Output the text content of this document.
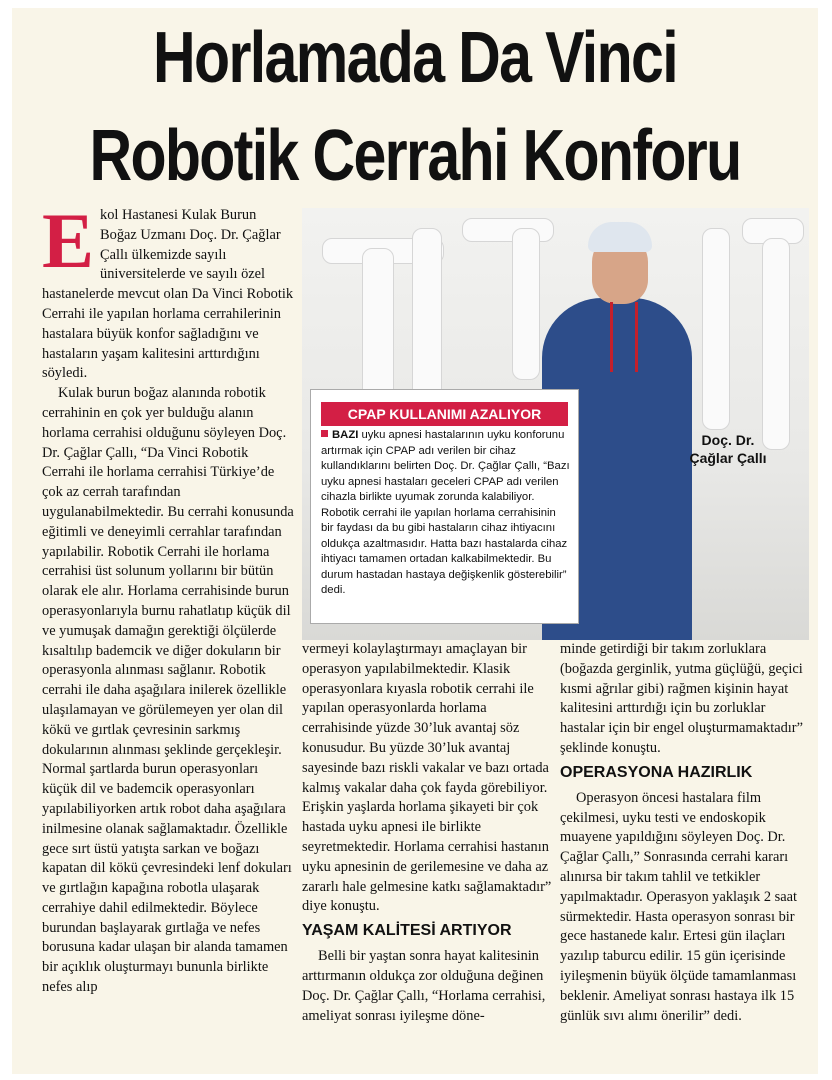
Horlamada Da Vinci
Robotik Cerrahi Konforu
E kol Hastanesi Kulak Burun Boğaz Uzmanı Doç. Dr. Çağlar Çallı ülkemizde sayılı üniversitelerde ve sayılı özel hastanelerde mevcut olan Da Vinci Robotik Cerrahi ile yapılan horlama cerrahilerinin hastalara büyük konfor sağladığını ve hastaların yaşam kalitesini arttırdığını söyledi.

Kulak burun boğaz alanında robotik cerrahinin en çok yer bulduğu alanın horlama cerrahisi olduğunu söyleyen Doç. Dr. Çağlar Çallı, “Da Vinci Robotik Cerrahi ile horlama cerrahisi Türkiye’de çok az cerrah tarafından uygulanabilmektedir. Bu cerrahi konusunda eğitimli ve deneyimli cerrahlar tarafından yapılabilir. Robotik Cerrahi ile horlama cerrahisi üst solunum yollarını bir bütün olarak ele alır. Horlama cerrahisinde burun operasyonlarıyla burnu rahatlatıp küçük dil ve yumuşak damağın gerektiği ölçülerde kısaltılıp bademcik ve diğer dokuların bir operasyonla alınması sağlanır. Robotik cerrahi ile daha aşağılara inilerek özellikle ulaşılamayan ve görülemeyen yer olan dil kökü ve gırtlak çevresinin sarkmış dokularının alınması şeklinde gerçekleşir. Normal şartlarda burun operasyonları küçük dil ve bademcik operasyonları yapılabiliyorken artık robot daha aşağılara inilmesine olanak sağlamaktadır. Özellikle gece sırt üstü yatışta sarkan ve boğazı kapatan dil kökü çevresindeki lenf dokuları ve gırtlağın kapağına robotla ulaşarak cerrahiye dahil edilmektedir. Böylece burundan başlayarak gırtlağa ve nefes borusuna kadar ulaşan bir alanda tamamen bir açıklık oluşturmayı bununla birlikte nefes alıp

Doç. Dr.
Çağlar Çallı
CPAP KULLANIMI AZALIYOR
BAZI uyku apnesi hastalarının uyku konforunu artırmak için CPAP adı verilen bir cihaz kullandıklarını belirten Doç. Dr. Çağlar Çallı, “Bazı uyku apnesi hastaları geceleri CPAP adı verilen cihazla birlikte uyumak zorunda kalabiliyor. Robotik cerrahi ile yapılan horlama cerrahisinin bir faydası da bu gibi hastaların cihaz ihtiyacını oldukça azaltmasıdır. Hatta bazı hastalarda cihaz ihtiyacı tamamen ortadan kalkabilmektedir. Bu durum hastadan hastaya değişkenlik gösterebilir” dedi.

vermeyi kolaylaştırmayı amaçlayan bir operasyon yapılabilmektedir. Klasik operasyonlara kıyasla robotik cerrahi ile yapılan operasyonlarda horlama cerrahisinde yüzde 30’luk avantaj söz konusudur. Bu yüzde 30’luk avantaj sayesinde bazı riskli vakalar ve bazı ortada kalmış vakalar daha çok fayda görebiliyor. Erişkin yaşlarda horlama şikayeti bir çok hastada uyku apnesi ile birlikte seyretmektedir. Horlama cerrahisi hastanın uyku apnesinin de gerilemesine ve daha az zararlı hale gelmesine katkı sağlamaktadır” diye konuştu.

YAŞAM KALİTESİ ARTIYOR

Belli bir yaştan sonra hayat kalitesinin arttırmanın oldukça zor olduğuna değinen Doç. Dr. Çağlar Çallı, “Horlama cerrahisi, ameliyat sonrası iyileşme döne-

minde getirdiği bir takım zorluklara (boğazda gerginlik, yutma güçlüğü, geçici kısmi ağrılar gibi) rağmen kişinin hayat kalitesini arttırdığı için bu zorluklar hastalar için bir engel oluşturmamaktadır” şeklinde konuştu.

OPERASYONA HAZIRLIK

Operasyon öncesi hastalara film çekilmesi, uyku testi ve endoskopik muayene yapıldığını söyleyen Doç. Dr. Çağlar Çallı,” Sonrasında cerrahi kararı alınırsa bir takım tahlil ve tetkikler yapılmaktadır. Operasyon yaklaşık 2 saat sürmektedir. Hasta operasyon sonrası bir gece hastanede kalır. Ertesi gün ilaçları yazılıp taburcu edilir. 15 gün içerisinde iyileşmenin büyük ölçüde tamamlanması beklenir. Ameliyat sonrası hastaya ilk 15 günlük sıvı alımı önerilir” dedi.
